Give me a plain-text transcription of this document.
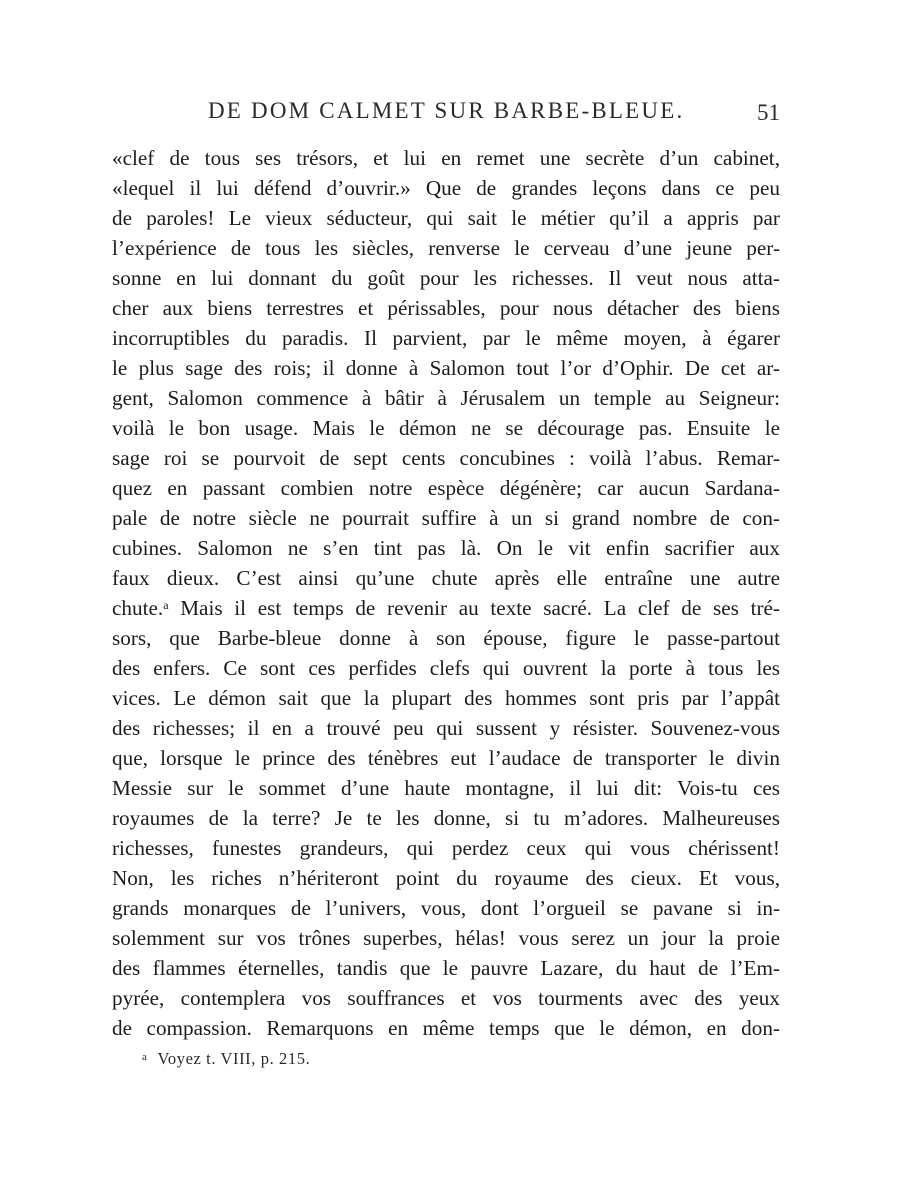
DE DOM CALMET SUR BARBE-BLEUE.	51
«clef de tous ses trésors, et lui en remet une secrète d’un cabinet,
«lequel il lui défend d’ouvrir.» Que de grandes leçons dans ce peu
de paroles! Le vieux séducteur, qui sait le métier qu’il a appris par
l’expérience de tous les siècles, renverse le cerveau d’une jeune per-
sonne en lui donnant du goût pour les richesses. Il veut nous atta-
cher aux biens terrestres et périssables, pour nous détacher des biens
incorruptibles du paradis. Il parvient, par le même moyen, à égarer
le plus sage des rois; il donne à Salomon tout l’or d’Ophir. De cet ar-
gent, Salomon commence à bâtir à Jérusalem un temple au Seigneur:
voilà le bon usage. Mais le démon ne se décourage pas. Ensuite le
sage roi se pourvoit de sept cents concubines : voilà l’abus. Remar-
quez en passant combien notre espèce dégénère; car aucun Sardana-
pale de notre siècle ne pourrait suffire à un si grand nombre de con-
cubines. Salomon ne s’en tint pas là. On le vit enfin sacrifier aux
faux dieux. C’est ainsi qu’une chute après elle entraîne une autre
chute.$^a$ Mais il est temps de revenir au texte sacré. La clef de ses tré-
sors, que Barbe-bleue donne à son épouse, figure le passe-partout
des enfers. Ce sont ces perfides clefs qui ouvrent la porte à tous les
vices. Le démon sait que la plupart des hommes sont pris par l’appât
des richesses; il en a trouvé peu qui sussent y résister. Souvenez-vous
que, lorsque le prince des ténèbres eut l’audace de transporter le divin
Messie sur le sommet d’une haute montagne, il lui dit: Vois-tu ces
royaumes de la terre? Je te les donne, si tu m’adores. Malheureuses
richesses, funestes grandeurs, qui perdez ceux qui vous chérissent!
Non, les riches n’hériteront point du royaume des cieux. Et vous,
grands monarques de l’univers, vous, dont l’orgueil se pavane si in-
solemment sur vos trônes superbes, hélas! vous serez un jour la proie
des flammes éternelles, tandis que le pauvre Lazare, du haut de l’Em-
pyrée, contemplera vos souffrances et vos tourments avec des yeux
de compassion. Remarquons en même temps que le démon, en don-
$^a$ Voyez t. VIII, p. 215.
